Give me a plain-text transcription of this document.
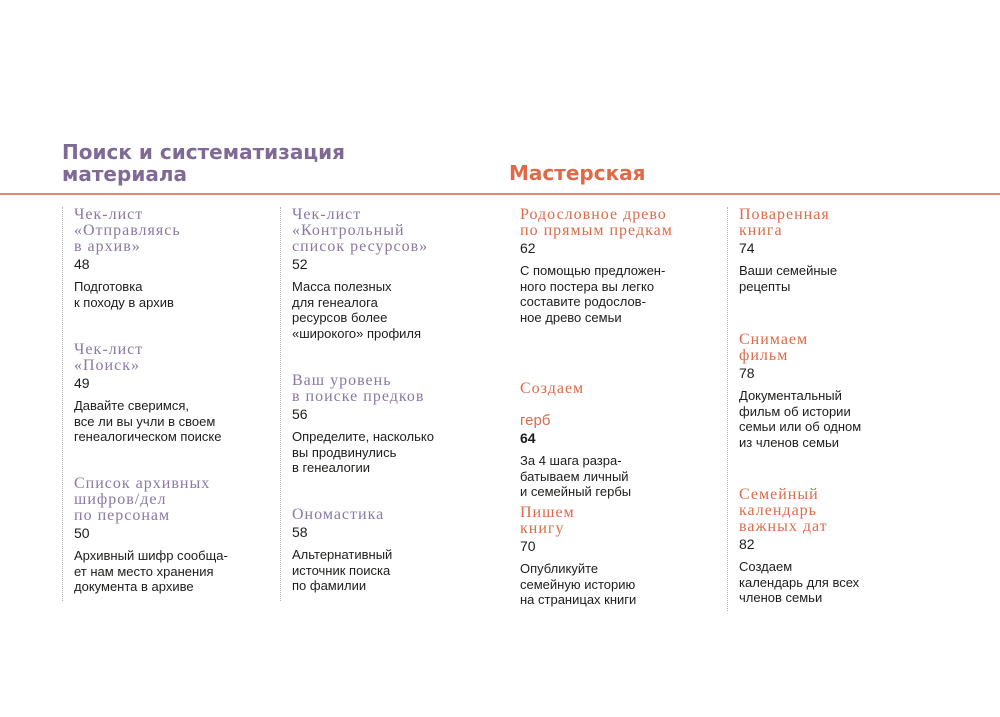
Поиск и систематизация материала	Мастерская

Чек-лист
«Отправляясь
в архив»

48

Подготовка
к походу в архив

Чек-лист
«Поиск»

49

Давайте сверимся,
все ли вы учли в своем
генеалогическом поиске

Список архивных
шифров/дел
по персонам

50

Архивный шифр сообща-
ет нам место хранения
документа в архиве

Чек-лист
«Контрольный
список ресурсов»

52

Масса полезных
для генеалога
ресурсов более
«широкого» профиля

Ваш уровень
в поиске предков

56

Определите, насколько
вы продвинулись
в генеалогии

Ономастика

58

Альтернативный
источник поиска
по фамилии

Родословное древо
по прямым предкам

62

С помощью предложен-
ного постера вы легко
составите родослов-
ное древо семьи

Создаем

герб

64

За 4 шага разра-
батываем личный
и семейный гербы

Пишем
книгу

70

Опубликуйте
семейную историю
на страницах книги

Поваренная
книга

74

Ваши семейные
рецепты

Снимаем
фильм

78

Документальный
фильм об истории
семьи или об одном
из членов семьи

Семейный
календарь
важных дат

82

Создаем
календарь для всех
членов семьи
